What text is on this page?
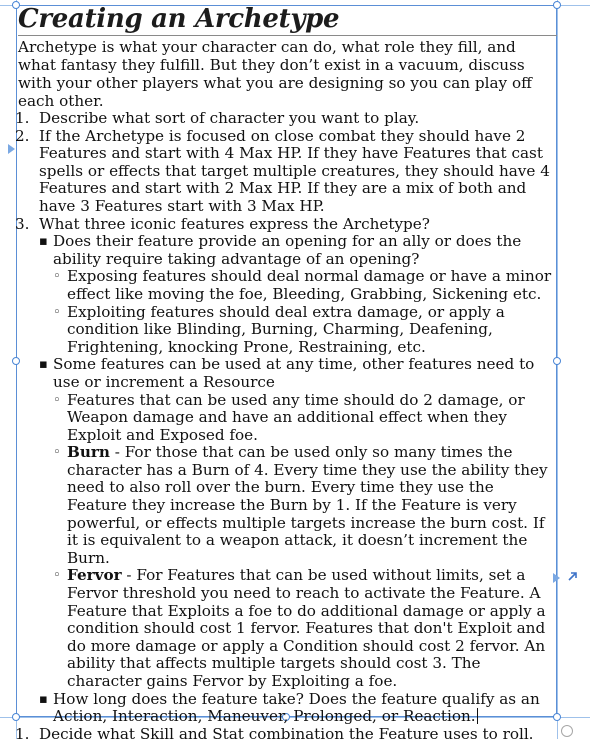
Creating an Archetype

Archetype is what your character can do, what role they fill, and what fantasy they fulfill. But they don’t exist in a vacuum, discuss with your other players what you are designing so you can play off each other.

1. Describe what sort of character you want to play.
2. If the Archetype is focused on close combat they should have 2 Features and start with 4 Max HP. If they have Features that cast spells or effects that target multiple creatures, they should have 4 Features and start with 2 Max HP. If they are a mix of both and have 3 Features start with 3 Max HP.
3. What three iconic features express the Archetype?
▪ Does their feature provide an opening for an ally or does the ability require taking advantage of an opening?
◦ Exposing features should deal normal damage or have a minor effect like moving the foe, Bleeding, Grabbing, Sickening etc.
◦ Exploiting features should deal extra damage, or apply a condition like Blinding, Burning, Charming, Deafening, Frightening, knocking Prone, Restraining, etc.
▪ Some features can be used at any time, other features need to use or increment a Resource
◦ Features that can be used any time should do 2 damage, or Weapon damage and have an additional effect when they Exploit and Exposed foe.
◦ Burn - For those that can be used only so many times the character has a Burn of 4. Every time they use the ability they need to also roll over the burn. Every time they use the Feature they increase the Burn by 1. If the Feature is very powerful, or effects multiple targets increase the burn cost. If it is equivalent to a weapon attack, it doesn’t increment the Burn.
◦ Fervor - For Features that can be used without limits, set a Fervor threshold you need to reach to activate the Feature. A Feature that Exploits a foe to do additional damage or apply a condition should cost 1 fervor. Features that don't Exploit and do more damage or apply a Condition should cost 2 fervor. An ability that affects multiple targets should cost 3. The character gains Fervor by Exploiting a foe.
▪ How long does the feature take? Does the feature qualify as an Action, Interaction, Maneuver, Prolonged, or Reaction.
1. Decide what Skill and Stat combination the Feature uses to roll.
